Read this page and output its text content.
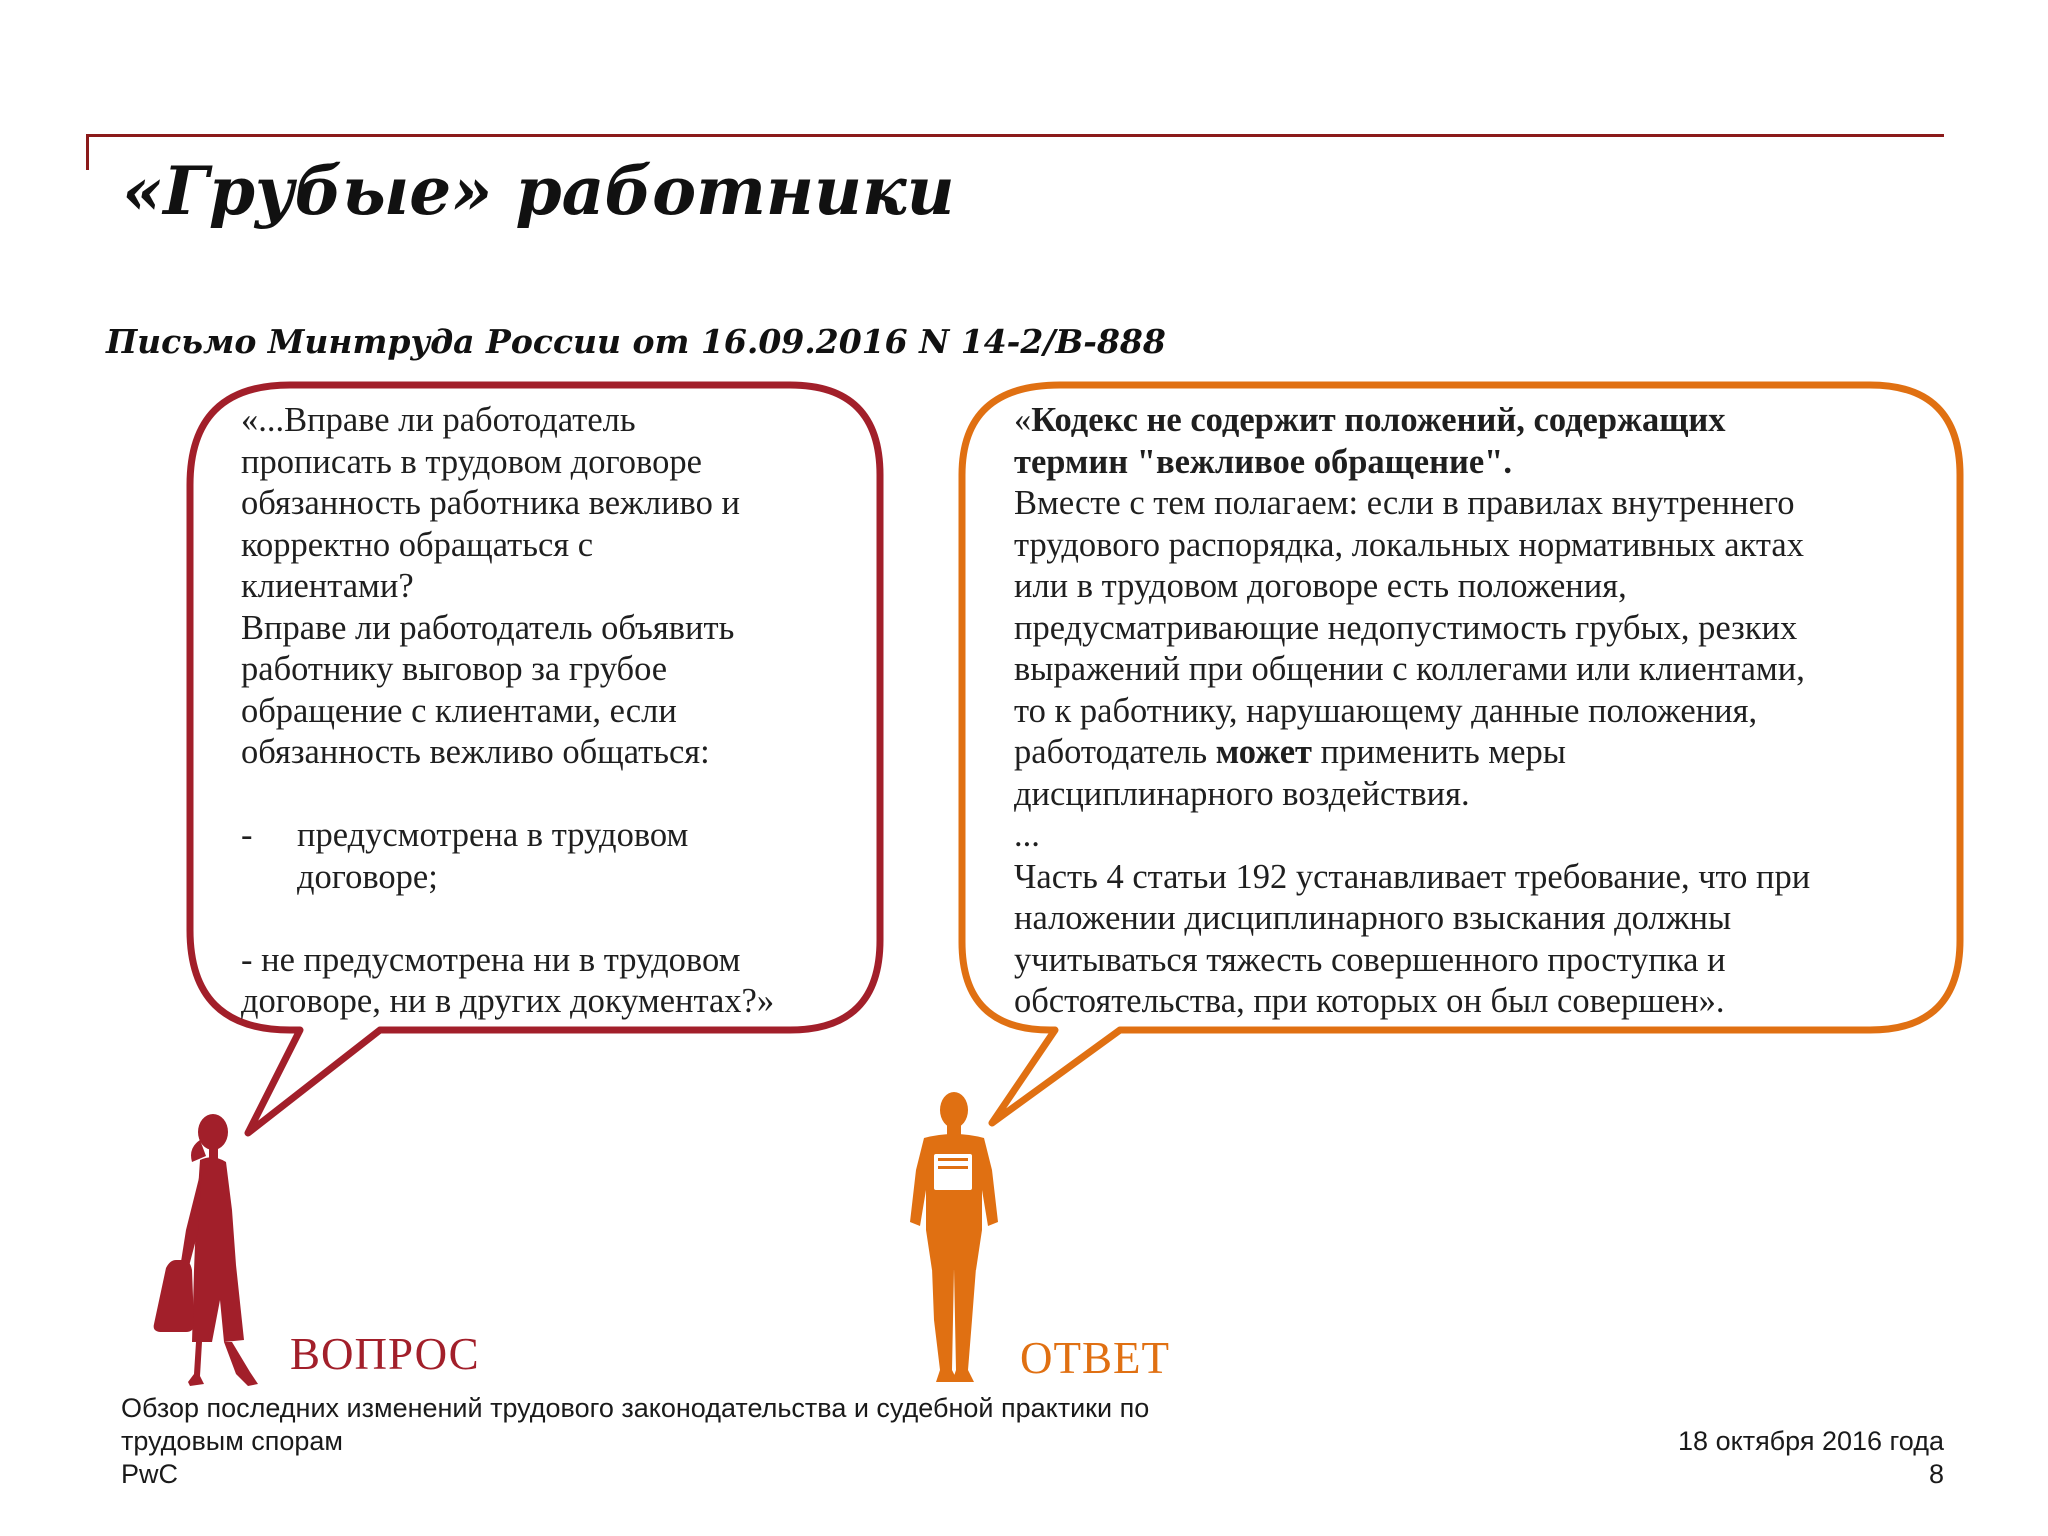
«Грубые» работники

Письмо Минтруда России от 16.09.2016 N 14-2/В-888

«...Вправе ли работодатель

прописать в трудовом договоре

обязанность работника вежливо и

корректно обращаться с

клиентами?

Вправе ли работодатель объявить

работнику выговор за грубое

обращение с клиентами, если

обязанность вежливо общаться:

-	предусмотрена в трудовом

договоре;

- не предусмотрена ни в трудовом

договоре, ни в других документах?»

«Кодекс не содержит положений, содержащих

термин "вежливое обращение".

Вместе с тем полагаем: если в правилах внутреннего

трудового распорядка, локальных нормативных актах

или в трудовом договоре есть положения,

предусматривающие недопустимость грубых, резких

выражений при общении с коллегами или клиентами,

то к работнику, нарушающему данные положения,

работодатель может применить меры

дисциплинарного воздействия.

...

Часть 4 статьи 192 устанавливает требование, что при

наложении дисциплинарного взыскания должны

учитываться тяжесть совершенного проступка и

обстоятельства, при которых он был совершен».

ВОПРОС	ОТВЕТ

Обзор последних изменений трудового законодательства и судебной практики по

трудовым спорам

PwC

18 октября 2016 года

8
